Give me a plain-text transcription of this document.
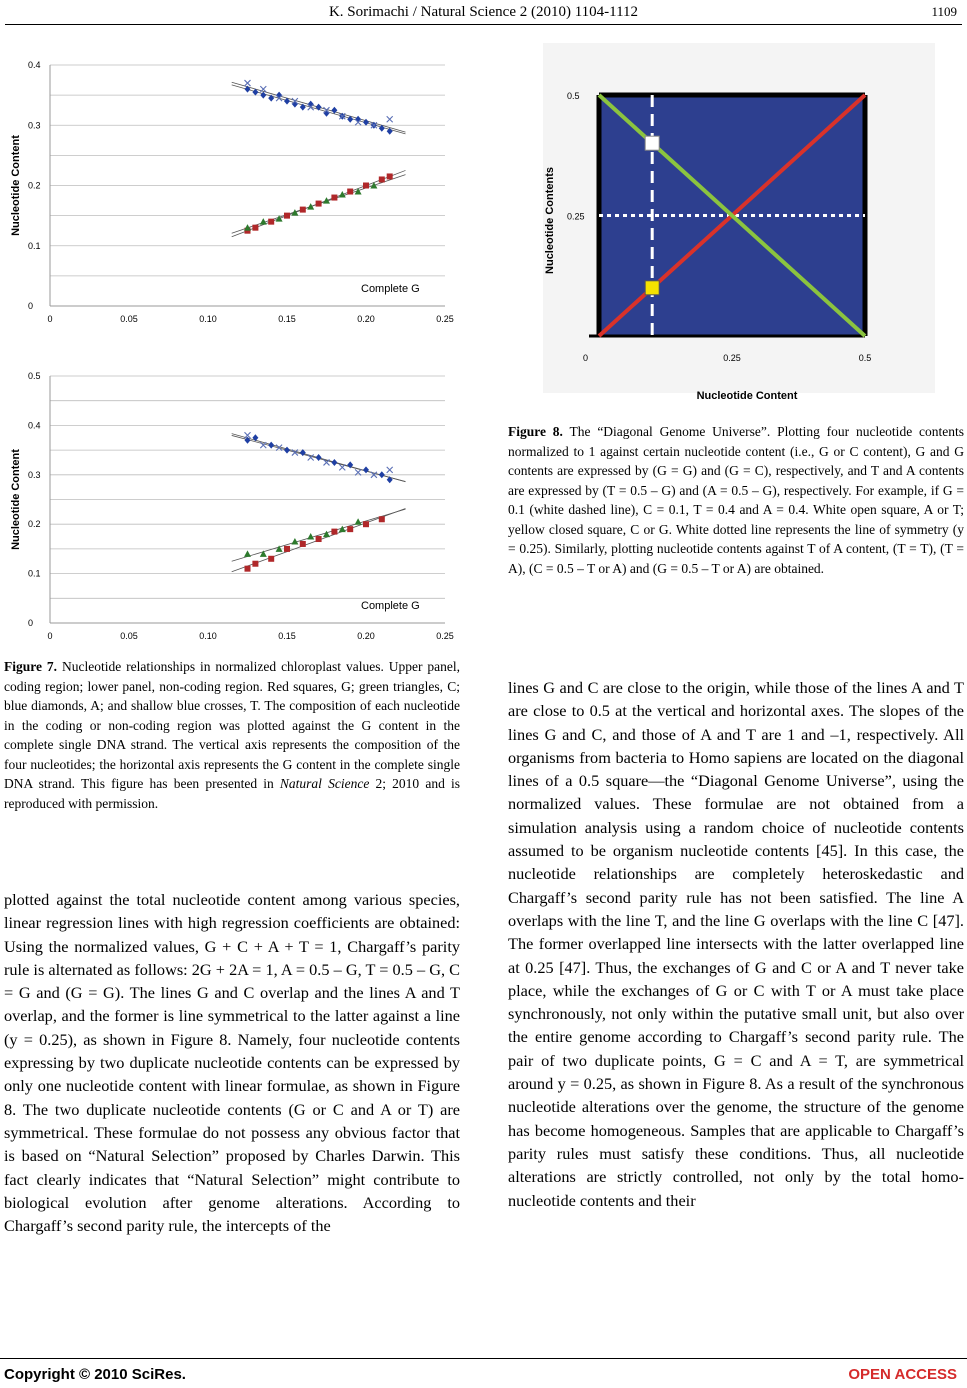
K. Sorimachi / Natural Science 2 (2010) 1104-1112	1109
0
0.1
0.2
0.3
0.4
0	0.05	0.10	0.15	0.20	0.25
Nucleotide Content
Complete G
0
0.1
0.2
0.3
0.4
0.5
0	0.05	0.10	0.15	0.20	0.25
Nucleotide Content
Complete G
0.5
0.25
0	0.25	0.5
Nucleotide Contents
Nucleotide Content
Figure 8. The “Diagonal Genome Universe”. Plotting four nucleotide contents normalized to 1 against certain nucleotide content (i.e., G or C content), G and G contents are expressed by (G = G) and (G = C), respectively, and T and A contents are expressed by (T = 0.5 – G) and (A = 0.5 – G), respectively. For example, if G = 0.1 (white dashed line), C = 0.1, T = 0.4 and A = 0.4. White open square, A or T; yellow closed square, C or G. White dotted line represents the line of symmetry (y = 0.25). Similarly, plotting nucleotide contents against T of A content, (T = T), (T = A), (C = 0.5 – T or A) and (G = 0.5 – T or A) are obtained.
Figure 7. Nucleotide relationships in normalized chloroplast values. Upper panel, coding region; lower panel, non-coding region. Red squares, G; green triangles, C; blue diamonds, A; and shallow blue crosses, T. The composition of each nucleotide in the coding or non-coding region was plotted against the G content in the complete single DNA strand. The vertical axis represents the composition of the four nucleotides; the horizontal axis represents the G content in the complete single DNA strand. This figure has been presented in Natural Science 2; 2010 and is reproduced with permission.

plotted against the total nucleotide content among various species, linear regression lines with high regression coefficients are obtained: Using the normalized values, G + C + A + T = 1, Chargaff’s parity rule is alternated as follows: 2G + 2A = 1, A = 0.5 – G, T = 0.5 – G, C = G and (G = G). The lines G and C overlap and the lines A and T overlap, and the former is line symmetrical to the latter against a line (y = 0.25), as shown in Figure 8. Namely, four nucleotide contents expressing by two duplicate nucleotide contents can be expressed by only one nucleotide content with linear formulae, as shown in Figure 8. The two duplicate nucleotide contents (G or C and A or T) are symmetrical. These formulae do not possess any obvious factor that is based on “Natural Selection” proposed by Charles Darwin. This fact clearly indicates that “Natural Selection” might contribute to biological evolution after genome alterations. According to Chargaff’s second parity rule, the intercepts of the

lines G and C are close to the origin, while those of the lines A and T are close to 0.5 at the vertical and horizontal axes. The slopes of the lines G and C, and those of A and T are 1 and –1, respectively. All organisms from bacteria to Homo sapiens are located on the diagonal lines of a 0.5 square—the “Diagonal Genome Universe”, using the normalized values. These formulae are not obtained from a simulation analysis using a random choice of nucleotide contents assumed to be organism nucleotide contents [45]. In this case, the nucleotide relationships are completely heteroskedastic and Chargaff’s second parity rule has not been satisfied. The line A overlaps with the line T, and the line G overlaps with the line C [47]. The former overlapped line intersects with the latter overlapped line at 0.25 [47]. Thus, the exchanges of G and C or A and T never take place, while the exchanges of G or C with T or A must take place synchronously, not only within the putative small unit, but also over the entire genome according to Chargaff’s second parity rule. The pair of two duplicate points, G = C and A = T, are symmetrical around y = 0.25, as shown in Figure 8. As a result of the synchronous nucleotide alterations over the genome, the structure of the genome has become homogeneous. Samples that are applicable to Chargaff’s parity rules must satisfy these conditions. Thus, all nucleotide alterations are strictly controlled, not only by the total homo-nucleotide contents and their

Copyright © 2010 SciRes.	OPEN ACCESS
